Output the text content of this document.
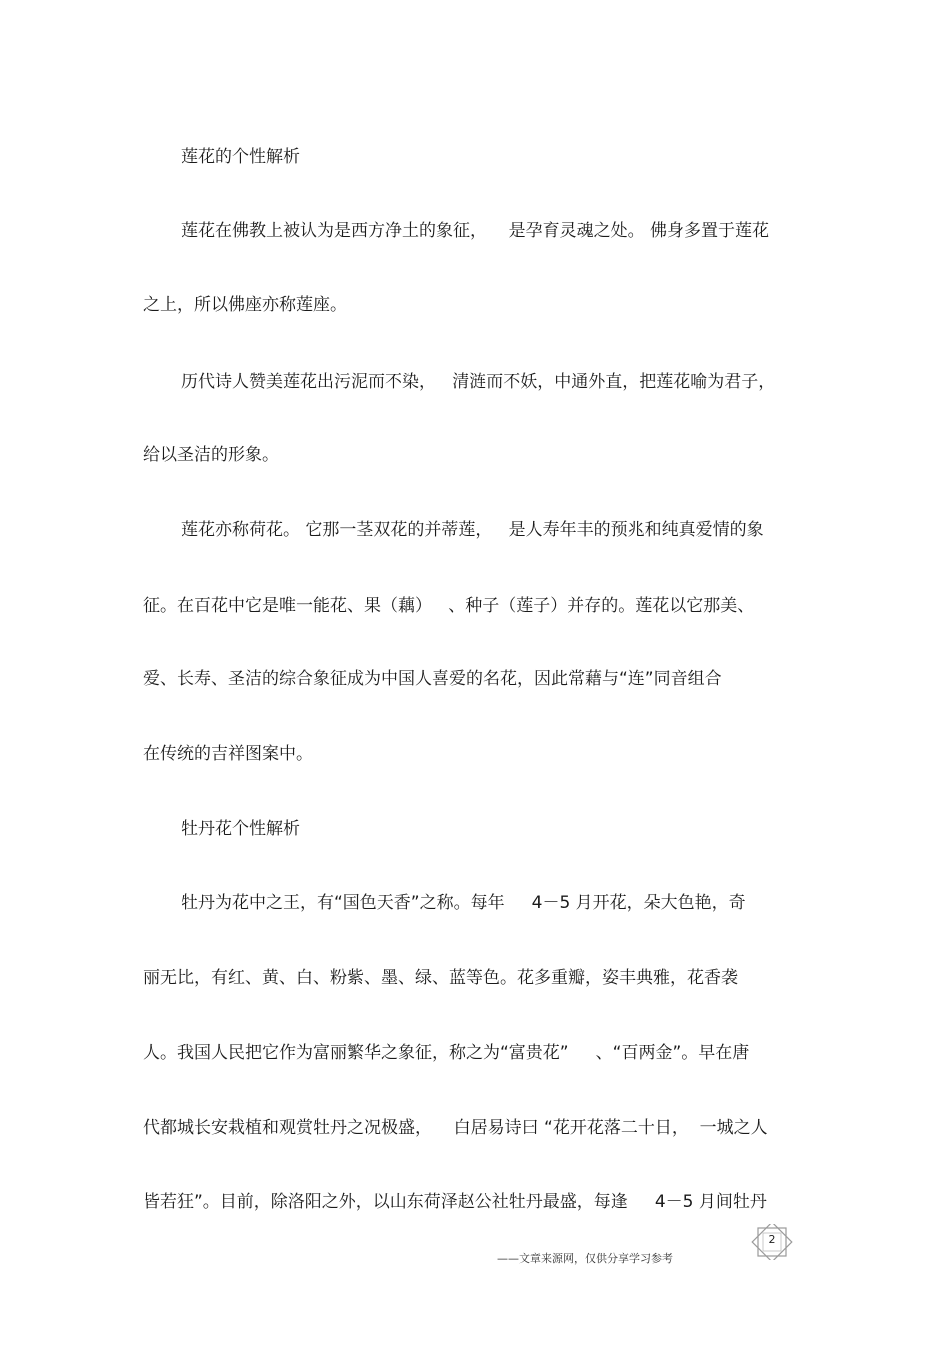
莲花的个性解析

莲花在佛教上被认为是西方净土的象征，    是孕育灵魂之处。 佛身多置于莲花

之上，所以佛座亦称莲座。

历代诗人赞美莲花出污泥而不染，   清涟而不妖，中通外直，把莲花喻为君子，

给以圣洁的形象。

莲花亦称荷花。 它那一茎双花的并蒂莲，   是人寿年丰的预兆和纯真爱情的象

征。在百花中它是唯一能花、果（藕）   、种子（莲子）并存的。莲花以它那美、

爱、长寿、圣洁的综合象征成为中国人喜爱的名花，因此常藉与“连”同音组合

在传统的吉祥图案中。

牡丹花个性解析

牡丹为花中之王，有“国色天香”之称。每年     4－5 月开花，朵大色艳，奇

丽无比，有红、黄、白、粉紫、墨、绿、蓝等色。花多重瓣，姿丰典雅，花香袭

人。我国人民把它作为富丽繁华之象征，称之为“富贵花”     、“百两金”。早在唐

代都城长安栽植和观赏牡丹之况极盛，    白居易诗曰 “花开花落二十日，  一城之人

皆若狂”。目前，除洛阳之外，以山东荷泽赵公社牡丹最盛，每逢     4－5 月间牡丹

2
——文章来源网，仅供分享学习参考
